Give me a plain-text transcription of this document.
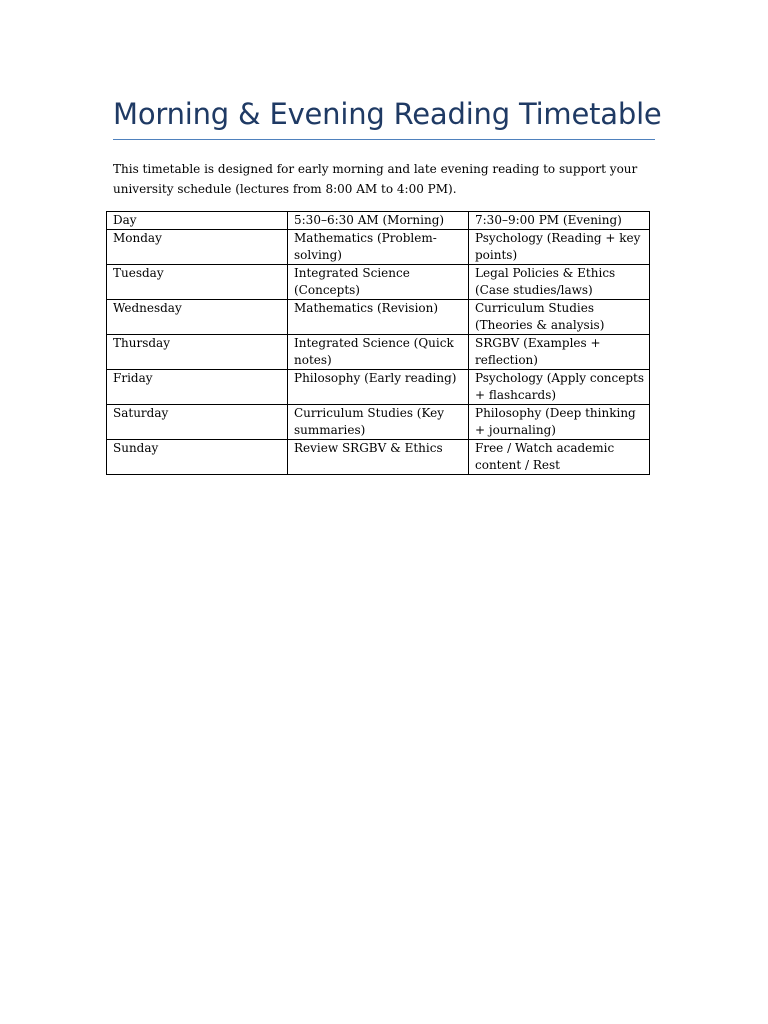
Morning & Evening Reading Timetable

This timetable is designed for early morning and late evening reading to support your university schedule (lectures from 8:00 AM to 4:00 PM).

Day	5:30–6:30 AM (Morning)	7:30–9:00 PM (Evening)
Monday	Mathematics (Problem-solving)	Psychology (Reading + key points)
Tuesday	Integrated Science (Concepts)	Legal Policies & Ethics (Case studies/laws)
Wednesday	Mathematics (Revision)	Curriculum Studies (Theories & analysis)
Thursday	Integrated Science (Quick notes)	SRGBV (Examples + reflection)
Friday	Philosophy (Early reading)	Psychology (Apply concepts + flashcards)
Saturday	Curriculum Studies (Key summaries)	Philosophy (Deep thinking + journaling)
Sunday	Review SRGBV & Ethics	Free / Watch academic content / Rest
